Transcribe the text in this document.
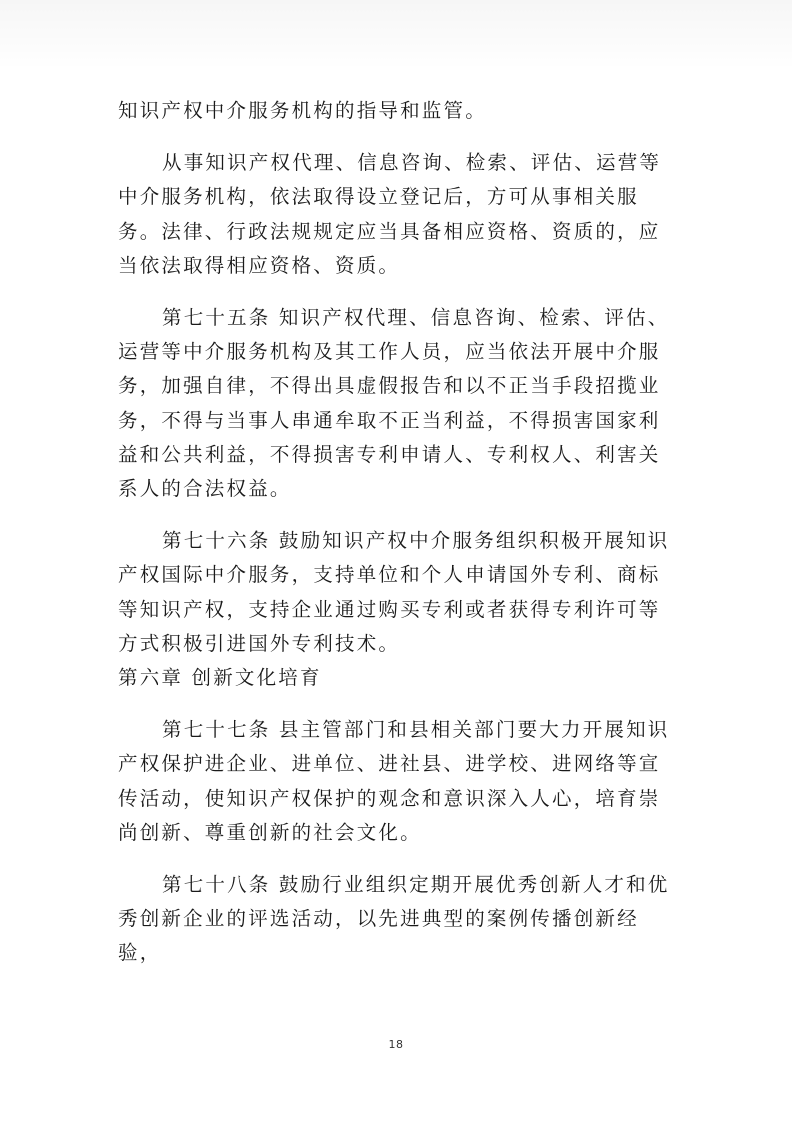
知识产权中介服务机构的指导和监管。

从事知识产权代理、信息咨询、检索、评估、运营等中介服务机构，依法取得设立登记后，方可从事相关服务。法律、行政法规规定应当具备相应资格、资质的，应当依法取得相应资格、资质。

第七十五条 知识产权代理、信息咨询、检索、评估、运营等中介服务机构及其工作人员，应当依法开展中介服务，加强自律，不得出具虚假报告和以不正当手段招揽业务，不得与当事人串通牟取不正当利益，不得损害国家利益和公共利益，不得损害专利申请人、专利权人、利害关系人的合法权益。

第七十六条 鼓励知识产权中介服务组织积极开展知识产权国际中介服务，支持单位和个人申请国外专利、商标等知识产权，支持企业通过购买专利或者获得专利许可等方式积极引进国外专利技术。

第六章 创新文化培育

第七十七条 县主管部门和县相关部门要大力开展知识产权保护进企业、进单位、进社县、进学校、进网络等宣传活动，使知识产权保护的观念和意识深入人心，培育崇尚创新、尊重创新的社会文化。

第七十八条 鼓励行业组织定期开展优秀创新人才和优秀创新企业的评选活动，以先进典型的案例传播创新经验，

18
